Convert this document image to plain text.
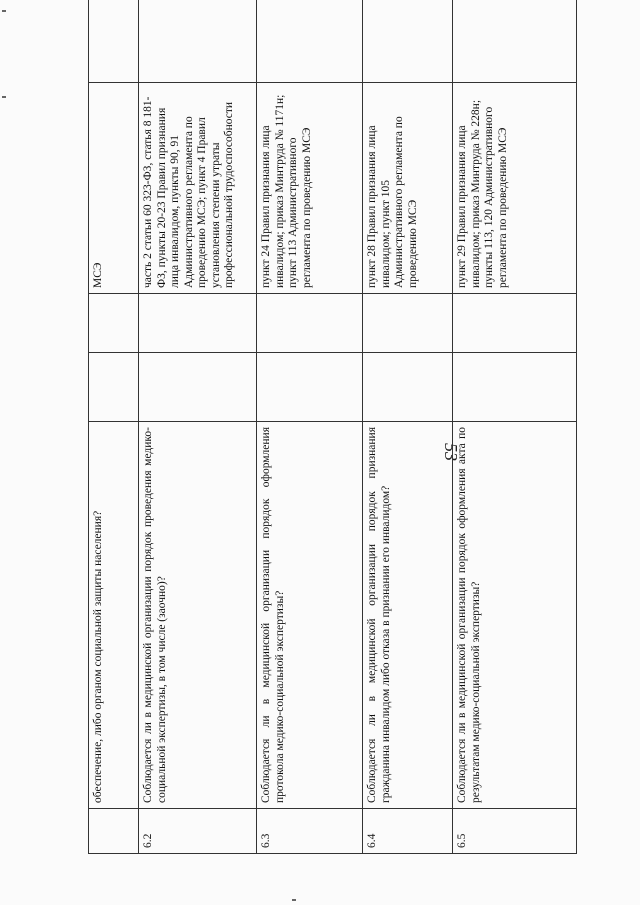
53
	обеспечение, либо органом социальной защиты населения?			МСЭ	
6.2	Соблюдается ли в медицинской организации порядок проведения медико-социальной экспертизы, в том числе (заочно)?			часть 2 статьи 60 323-ФЗ, статья 8 181- ФЗ, пункты 20-23 Правил признания лица инвалидом, пункты 90, 91 Административного регламента по проведению МСЭ; пункт 4 Правил установления степени утраты профессиональной трудоспособности	
6.3	Соблюдается ли в медицинской организации порядок оформления протокола медико-социальной экспертизы?			пункт 24 Правил признания лица инвалидом; приказ Минтруда № 1171н; пункт 113 Административного регламента по проведению МСЭ	
6.4	Соблюдается ли в медицинской организации порядок признания гражданина инвалидом либо отказа в признании его инвалидом?			пункт 28 Правил признания лица инвалидом; пункт 105 Административного регламента по проведению МСЭ	
6.5	Соблюдается ли в медицинской организации порядок оформления акта по результатам медико-социальной экспертизы?			пункт 29 Правил признания лица инвалидом; приказ Минтруда № 228н; пункты 113, 120 Административного регламента по проведению МСЭ	
